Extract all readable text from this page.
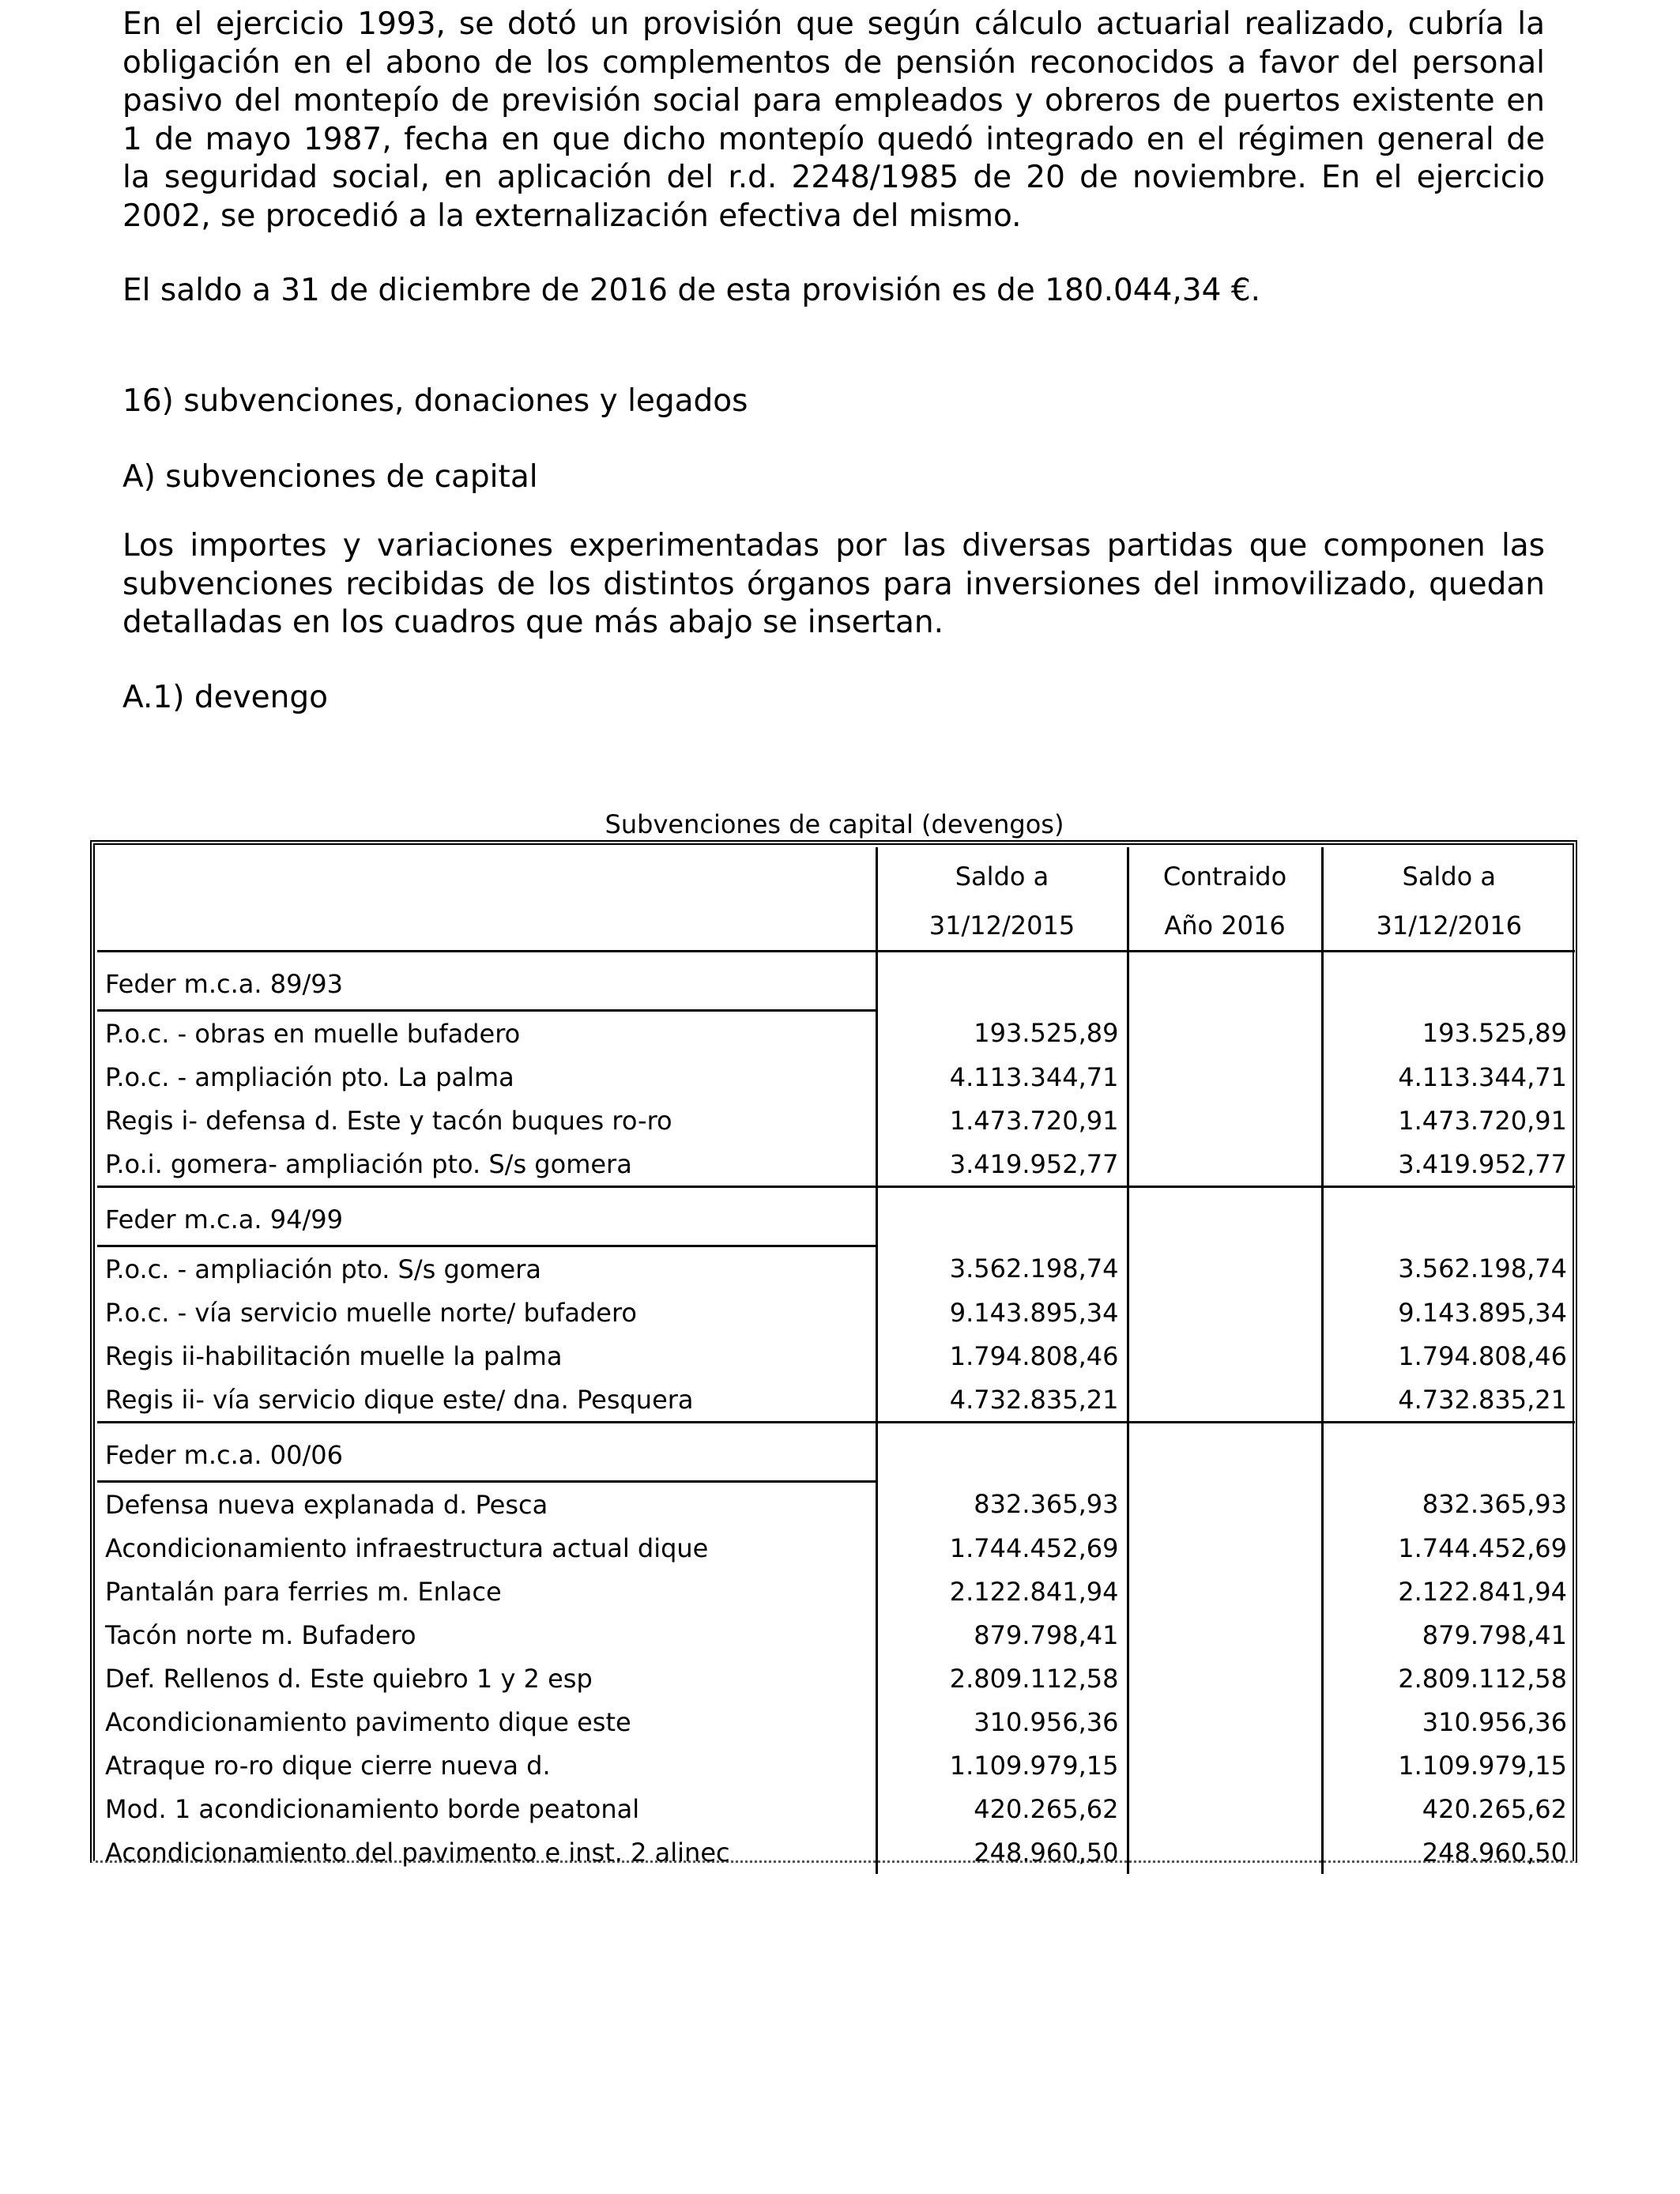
En el ejercicio 1993, se dotó un provisión que según cálculo actuarial realizado, cubría la obligación en el abono de los complementos de pensión reconocidos a favor del personal pasivo del montepío de previsión social para empleados y obreros de puertos existente en 1 de mayo 1987, fecha en que dicho montepío quedó integrado en el régimen general de la seguridad social, en aplicación del r.d. 2248/1985 de 20 de noviembre. En el ejercicio 2002, se procedió a la externalización efectiva del mismo.
El saldo a 31 de diciembre de 2016 de esta provisión es de 180.044,34 €.
16) subvenciones, donaciones y legados
A) subvenciones de capital
Los importes y variaciones experimentadas por las diversas partidas que componen las subvenciones recibidas de los distintos órganos para inversiones del inmovilizado, quedan detalladas en los cuadros que más abajo se insertan.
A.1) devengo
Subvenciones de capital (devengos)
	Saldo a	Contraido	Saldo a
	31/12/2015	Año 2016	31/12/2016
Feder m.c.a. 89/93			
P.o.c. - obras en muelle bufadero	193.525,89		193.525,89
P.o.c. - ampliación pto. La palma	4.113.344,71		4.113.344,71
Regis i- defensa d. Este y tacón buques ro-ro	1.473.720,91		1.473.720,91
P.o.i. gomera- ampliación pto. S/s gomera	3.419.952,77		3.419.952,77
Feder m.c.a. 94/99			
P.o.c. - ampliación pto. S/s gomera	3.562.198,74		3.562.198,74
P.o.c. - vía servicio muelle norte/ bufadero	9.143.895,34		9.143.895,34
Regis ii-habilitación muelle la palma	1.794.808,46		1.794.808,46
Regis ii- vía servicio dique este/ dna. Pesquera	4.732.835,21		4.732.835,21
Feder m.c.a. 00/06			
Defensa nueva explanada d. Pesca	832.365,93		832.365,93
Acondicionamiento infraestructura actual dique	1.744.452,69		1.744.452,69
Pantalán para ferries m. Enlace	2.122.841,94		2.122.841,94
Tacón norte m. Bufadero	879.798,41		879.798,41
Def. Rellenos d. Este quiebro 1 y 2 esp	2.809.112,58		2.809.112,58
Acondicionamiento pavimento dique este	310.956,36		310.956,36
Atraque ro-ro dique cierre nueva d.	1.109.979,15		1.109.979,15
Mod. 1 acondicionamiento borde peatonal	420.265,62		420.265,62
Acondicionamiento del pavimento e inst. 2 alinec	248.960,50		248.960,50
